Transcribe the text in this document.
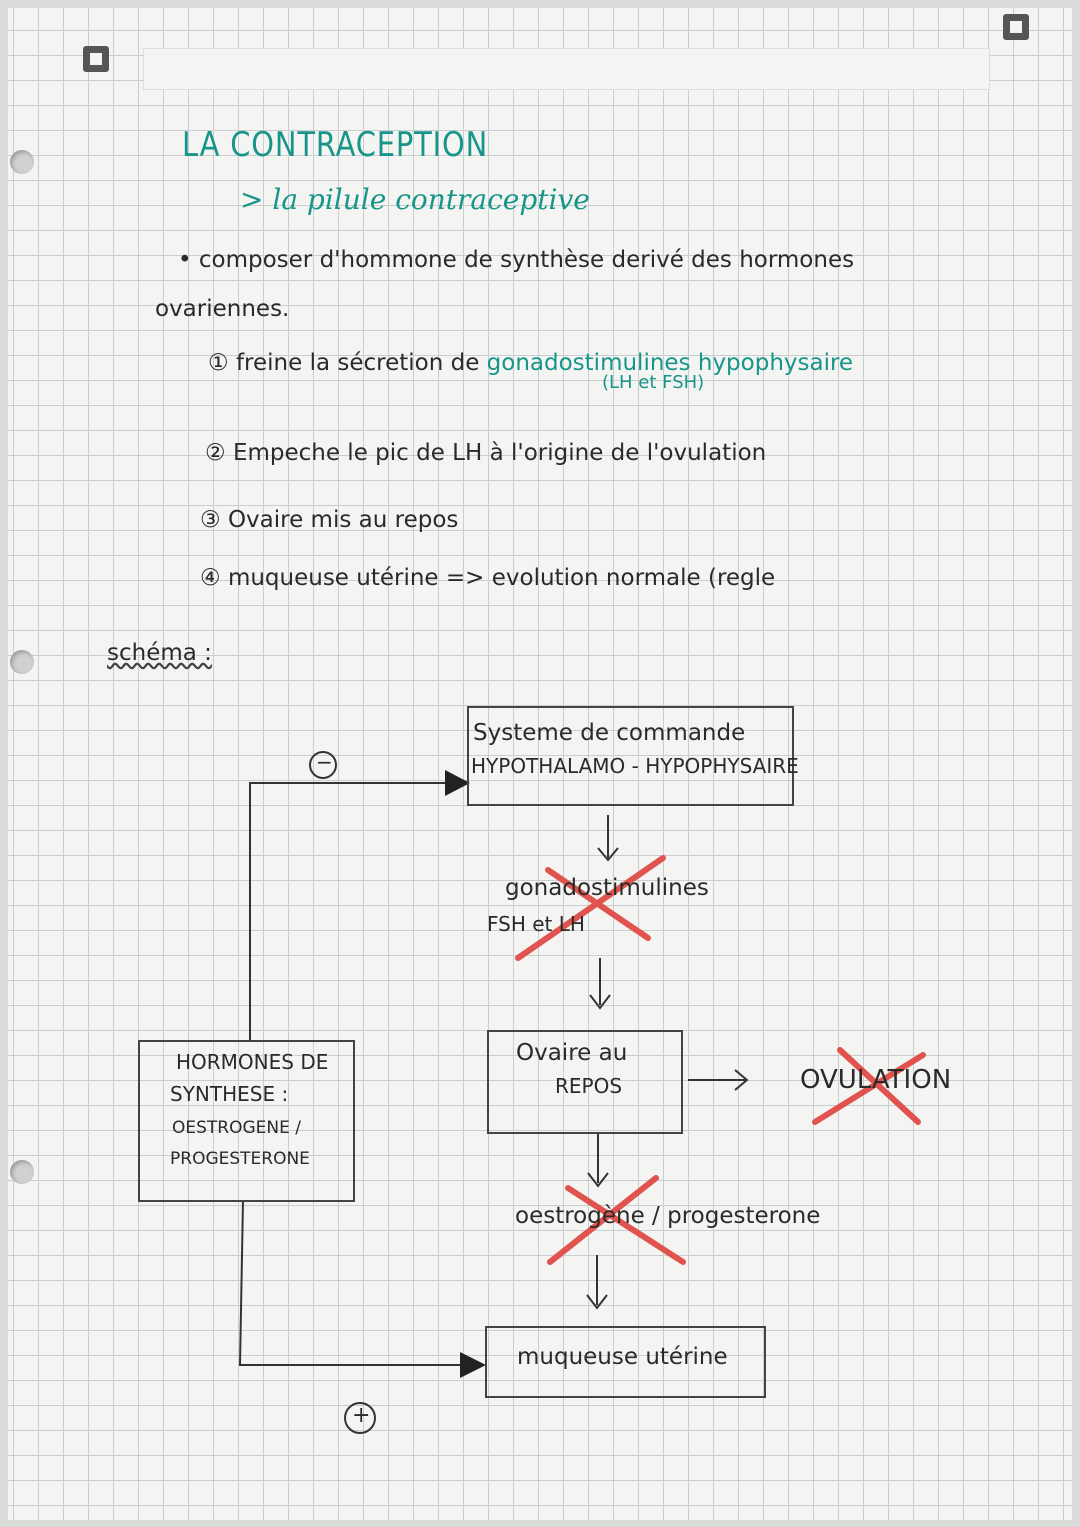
LA CONTRACEPTION
> la pilule contraceptive
• composer d'hommone de synthèse derivé des hormones
ovariennes.
① freine la sécretion de gonadostimulines hypophysaire
(LH et FSH)
② Empeche le pic de LH à l'origine de l'ovulation
③ Ovaire mis au repos
④ muqueuse utérine => evolution normale (regle
schéma :
−
+
Systeme de commande
HYPOTHALAMO - HYPOPHYSAIRE
gonadostimulines
FSH et LH
Ovaire au
REPOS	OVULATION
HORMONES DE
SYNTHESE :
OESTROGENE /
PROGESTERONE
oestrogène / progesterone
muqueuse utérine
